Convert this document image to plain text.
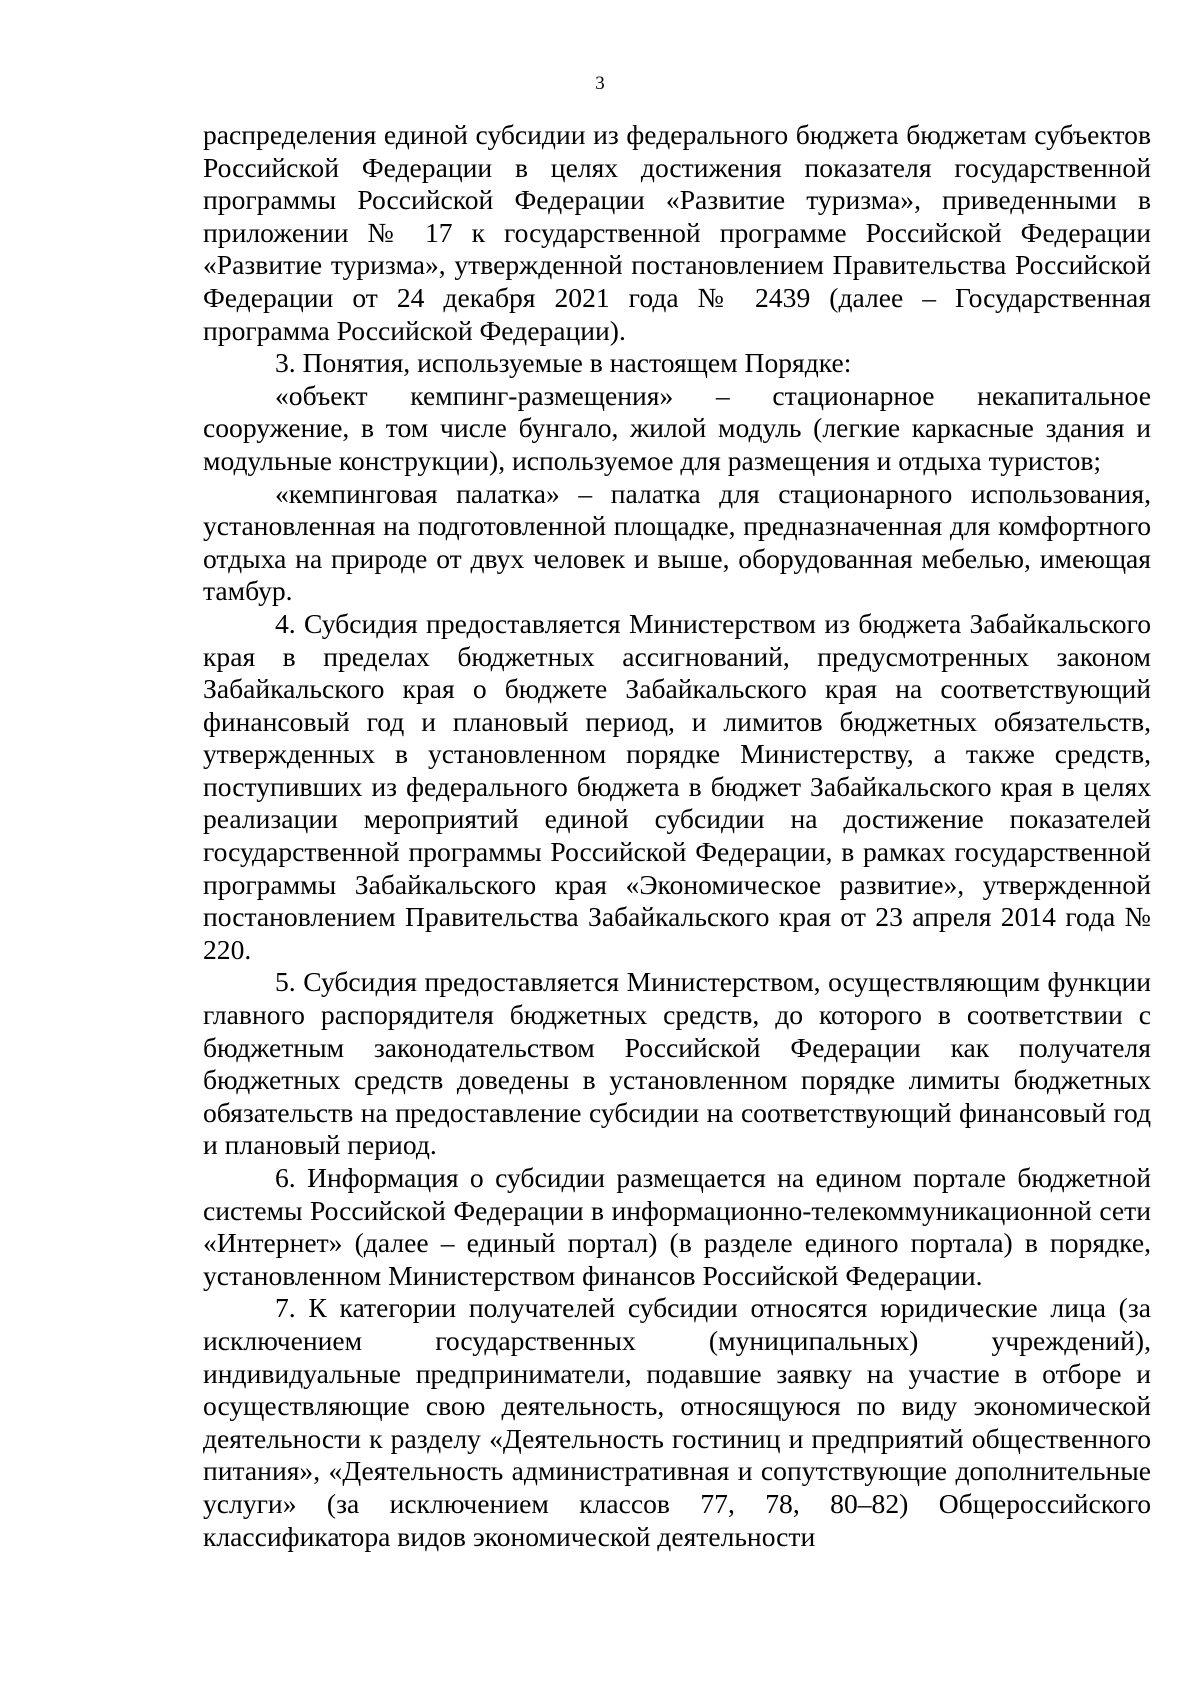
3

распределения единой субсидии из федерального бюджета бюджетам субъектов Российской Федерации в целях достижения показателя государственной программы Российской Федерации «Развитие туризма», приведенными в приложении № 17 к государственной программе Российской Федерации «Развитие туризма», утвержденной постановлением Правительства Российской Федерации от 24 декабря 2021 года № 2439 (далее – Государственная программа Российской Федерации).

3. Понятия, используемые в настоящем Порядке:

«объект кемпинг-размещения» – стационарное некапитальное сооружение, в том числе бунгало, жилой модуль (легкие каркасные здания и модульные конструкции), используемое для размещения и отдыха туристов;

«кемпинговая палатка» – палатка для стационарного использования, установленная на подготовленной площадке, предназначенная для комфортного отдыха на природе от двух человек и выше, оборудованная мебелью, имеющая тамбур.

4. Субсидия предоставляется Министерством из бюджета Забайкальского края в пределах бюджетных ассигнований, предусмотренных законом Забайкальского края о бюджете Забайкальского края на соответствующий финансовый год и плановый период, и лимитов бюджетных обязательств, утвержденных в установленном порядке Министерству, а также средств, поступивших из федерального бюджета в бюджет Забайкальского края в целях реализации мероприятий единой субсидии на достижение показателей государственной программы Российской Федерации, в рамках государственной программы Забайкальского края «Экономическое развитие», утвержденной постановлением Правительства Забайкальского края от 23 апреля 2014 года № 220.

5. Субсидия предоставляется Министерством, осуществляющим функции главного распорядителя бюджетных средств, до которого в соответствии с бюджетным законодательством Российской Федерации как получателя бюджетных средств доведены в установленном порядке лимиты бюджетных обязательств на предоставление субсидии на соответствующий финансовый год и плановый период.

6. Информация о субсидии размещается на едином портале бюджетной системы Российской Федерации в информационно-телекоммуникационной сети «Интернет» (далее – единый портал) (в разделе единого портала) в порядке, установленном Министерством финансов Российской Федерации.

7. К категории получателей субсидии относятся юридические лица (за исключением государственных (муниципальных) учреждений), индивидуальные предприниматели, подавшие заявку на участие в отборе и осуществляющие свою деятельность, относящуюся по виду экономической деятельности к разделу «Деятельность гостиниц и предприятий общественного питания», «Деятельность административная и сопутствующие дополнительные услуги» (за исключением классов 77, 78, 80–82) Общероссийского классификатора видов экономической деятельности
